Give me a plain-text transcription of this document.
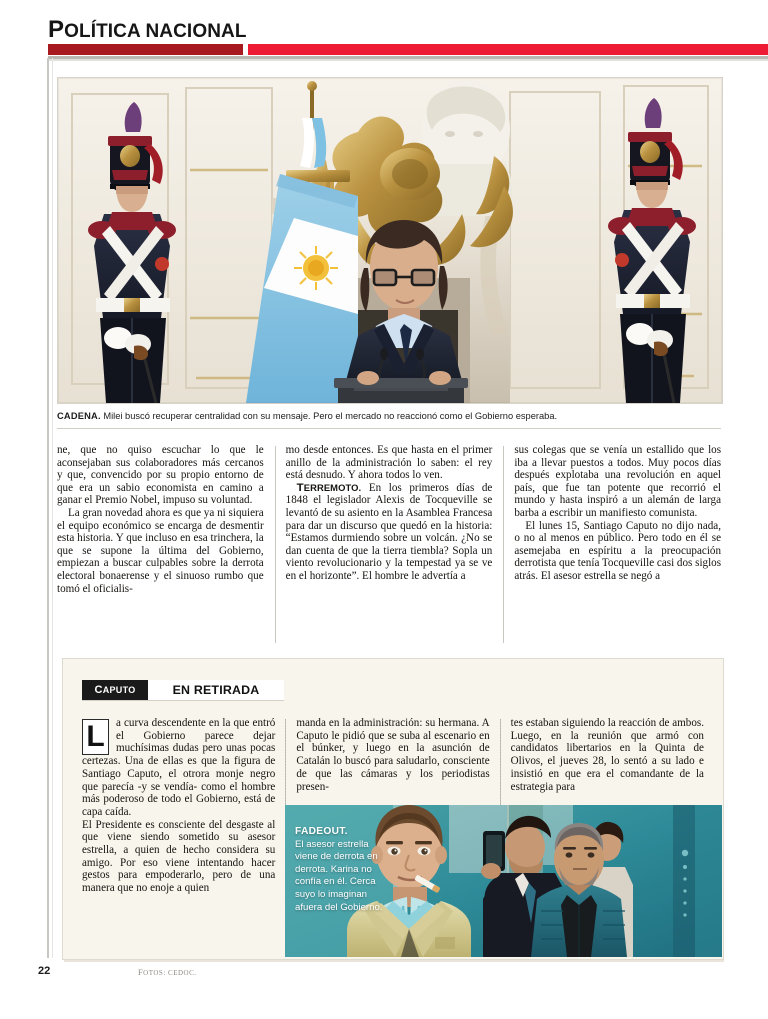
POLÍTICA NACIONAL
CADENA. Milei buscó recuperar centralidad con su mensaje. Pero el mercado no reaccionó como el Gobierno esperaba.

ne, que no quiso escuchar lo que le aconsejaban sus colaboradores más cercanos y que, convencido por su propio entorno de que era un sabio economista en camino a ganar el Premio Nobel, impuso su voluntad.

La gran novedad ahora es que ya ni siquiera el equipo económico se encarga de desmentir esta historia. Y que incluso en esa trinchera, la que se supone la última del Gobierno, empiezan a buscar culpables sobre la derrota electoral bonaerense y el sinuoso rumbo que tomó el oficialis-

mo desde entonces. Es que hasta en el primer anillo de la administración lo saben: el rey está desnudo. Y ahora todos lo ven.

TERREMOTO. En los primeros días de 1848 el legislador Alexis de Tocqueville se levantó de su asiento en la Asamblea Francesa para dar un discurso que quedó en la historia: “Estamos durmiendo sobre un volcán. ¿No se dan cuenta de que la tierra tiembla? Sopla un viento revolucionario y la tempestad ya se ve en el horizonte”. El hombre le advertía a

sus colegas que se venía un estallido que los iba a llevar puestos a todos. Muy pocos días después explotaba una revolución en aquel país, que fue tan potente que recorrió el mundo y hasta inspiró a un alemán de larga barba a escribir un manifiesto comunista.

El lunes 15, Santiago Caputo no dijo nada, o no al menos en público. Pero todo en él se asemejaba en espíritu a la preocupación derrotista que tenía Tocqueville casi dos siglos atrás. El asesor estrella se negó a

C APUTO	EN RETIRADA
L	a curva descendente en la que entró el Gobierno parece dejar muchísimas dudas pero unas pocas certezas. Una de ellas es que la figura de Santiago Caputo, el otrora monje negro que parecía -y se vendía- como el hombre más poderoso de todo el Gobierno, está de capa caída.

El Presidente es consciente del desgaste al que viene siendo sometido su asesor estrella, a quien de hecho considera su amigo. Por eso viene intentando hacer gestos para empoderarlo, pero de una manera que no enoje a quien

manda en la administración: su hermana. A Caputo le pidió que se suba al escenario en el búnker, y luego en la asunción de Catalán lo buscó para saludarlo, consciente de que las cámaras y los periodistas presen-

tes estaban siguiendo la reacción de ambos. Luego, en la reunión que armó con candidatos libertarios en la Quinta de Olivos, el jueves 28, lo sentó a su lado e insistió en que era el comandante de la estrategia para

FADEOUT.
El asesor estrella viene de derrota en derrota. Karina no confía en él. Cerca suyo lo imaginan afuera del Gobierno.
22	FOTOS: CEDOC.
